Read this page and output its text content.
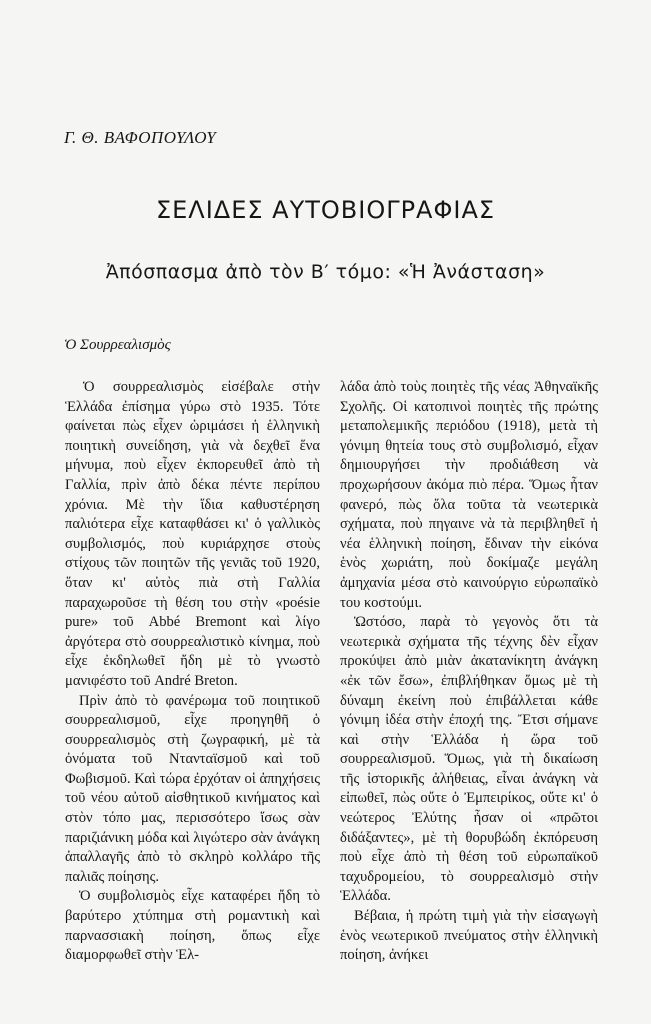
Γ. Θ. ΒΑΦΟΠΟΥΛΟΥ
ΣΕΛΙΔΕΣ ΑΥΤΟΒΙΟΓΡΑΦΙΑΣ
Ἀπόσπασμα ἀπὸ τὸν Β′ τόμο: «Ἡ Ἀνάσταση»
Ὁ Σουρρεαλισμὸς

Ὁ σουρρεαλισμὸς εἰσέβαλε στὴν Ἑλλάδα ἐπίσημα γύρω στὸ 1935. Τότε φαίνεται πὼς εἶχεν ὡριμάσει ἡ ἑλληνικὴ ποιητικὴ συνείδηση, γιὰ νὰ δεχθεῖ ἕνα μήνυμα, ποὺ εἶχεν ἐκπορευθεῖ ἀπὸ τὴ Γαλλία, πρὶν ἀπὸ δέκα πέντε περίπου χρόνια. Μὲ τὴν ἴδια καθυστέρηση παλιότερα εἶχε καταφθάσει κι' ὁ γαλλικὸς συμβολισμός, ποὺ κυριάρχησε στοὺς στίχους τῶν ποιητῶν τῆς γενιᾶς τοῦ 1920, ὅταν κι' αὐτὸς πιὰ στὴ Γαλλία παραχωροῦσε τὴ θέση του στὴν «poésie pure» τοῦ Abbé Bremont καὶ λίγο ἀργότερα στὸ σουρρεαλιστικὸ κίνημα, ποὺ εἶχε ἐκδηλωθεῖ ἤδη μὲ τὸ γνωστὸ μανιφέστο τοῦ André Breton.

Πρὶν ἀπὸ τὸ φανέρωμα τοῦ ποιητικοῦ σουρρεαλισμοῦ, εἶχε προηγηθῆ ὁ σουρρεαλισμὸς στὴ ζωγραφική, μὲ τὰ ὀνόματα τοῦ Ντανταϊσμοῦ καὶ τοῦ Φωβισμοῦ. Καὶ τώρα ἐρχόταν οἱ ἀπηχήσεις τοῦ νέου αὐτοῦ αἰσθητικοῦ κινήματος καὶ στὸν τόπο μας, περισσότερο ἴσως σὰν παριζιάνικη μόδα καὶ λιγώτερο σὰν ἀνάγκη ἀπαλλαγῆς ἀπὸ τὸ σκληρὸ κολλάρο τῆς παλιᾶς ποίησης.

Ὁ συμβολισμὸς εἶχε καταφέρει ἤδη τὸ βαρύτερο χτύπημα στὴ ρομαντικὴ καὶ παρνασσιακὴ ποίηση, ὅπως εἶχε διαμορφωθεῖ στὴν Ἑλ-

λάδα ἀπὸ τοὺς ποιητὲς τῆς νέας Ἀθηναϊκῆς Σχολῆς. Οἱ κατοπινοὶ ποιητὲς τῆς πρώτης μεταπολεμικῆς περιόδου (1918), μετὰ τὴ γόνιμη θητεία τους στὸ συμβολισμό, εἶχαν δημιουργήσει τὴν προδιάθεση νὰ προχωρήσουν ἀκόμα πιὸ πέρα. Ὅμως ἦταν φανερό, πὼς ὅλα τοῦτα τὰ νεωτερικὰ σχήματα, ποὺ πηγαινε νὰ τὰ περιβληθεῖ ἡ νέα ἑλληνικὴ ποίηση, ἔδιναν τὴν εἰκόνα ἑνὸς χωριάτη, ποὺ δοκίμαζε μεγάλη ἀμηχανία μέσα στὸ καινούργιο εὐρωπαϊκὸ του κοστούμι.

Ὡστόσο, παρὰ τὸ γεγονὸς ὅτι τὰ νεωτερικὰ σχήματα τῆς τέχνης δὲν εἶχαν προκύψει ἀπὸ μιὰν ἀκατανίκητη ἀνάγκη «ἐκ τῶν ἔσω», ἐπιβλήθηκαν ὅμως μὲ τὴ δύναμη ἐκείνη ποὺ ἐπιβάλλεται κάθε γόνιμη ἰδέα στὴν ἐποχή της. Ἔτσι σήμανε καὶ στὴν Ἑλλάδα ἡ ὥρα τοῦ σουρρεαλισμοῦ. Ὅμως, γιὰ τὴ δικαίωση τῆς ἱστορικῆς ἀλήθειας, εἶναι ἀνάγκη νὰ εἰπωθεῖ, πὼς οὔτε ὁ Ἐμπειρίκος, οὔτε κι' ὁ νεώτερος Ἐλύτης ἦσαν οἱ «πρῶτοι διδάξαντες», μὲ τὴ θορυβώδη ἐκπόρευση ποὺ εἶχε ἀπὸ τὴ θέση τοῦ εὐρωπαϊκοῦ ταχυδρομείου, τὸ σουρρεαλισμὸ στὴν Ἑλλάδα.

Βέβαια, ἡ πρώτη τιμὴ γιὰ τὴν εἰσαγωγὴ ἑνὸς νεωτερικοῦ πνεύματος στὴν ἑλληνικὴ ποίηση, ἀνήκει
